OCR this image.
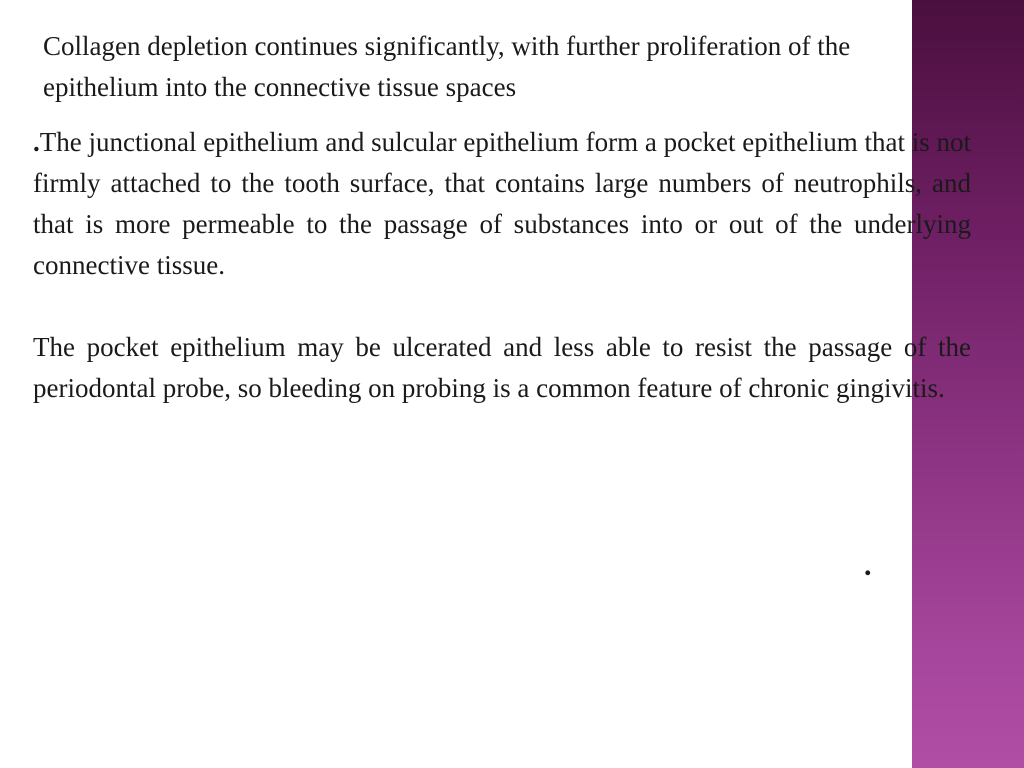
Collagen depletion continues significantly, with further proliferation of the epithelium into the connective tissue spaces

.The junctional epithelium and sulcular epithelium form a pocket epithelium that is not firmly attached to the tooth surface, that contains large numbers of neutrophils, and that is more permeable to the passage of substances into or out of the underlying connective tissue.

The pocket epithelium may be ulcerated and less able to resist the passage of the periodontal probe, so bleeding on probing is a common feature of chronic gingivitis.

.
